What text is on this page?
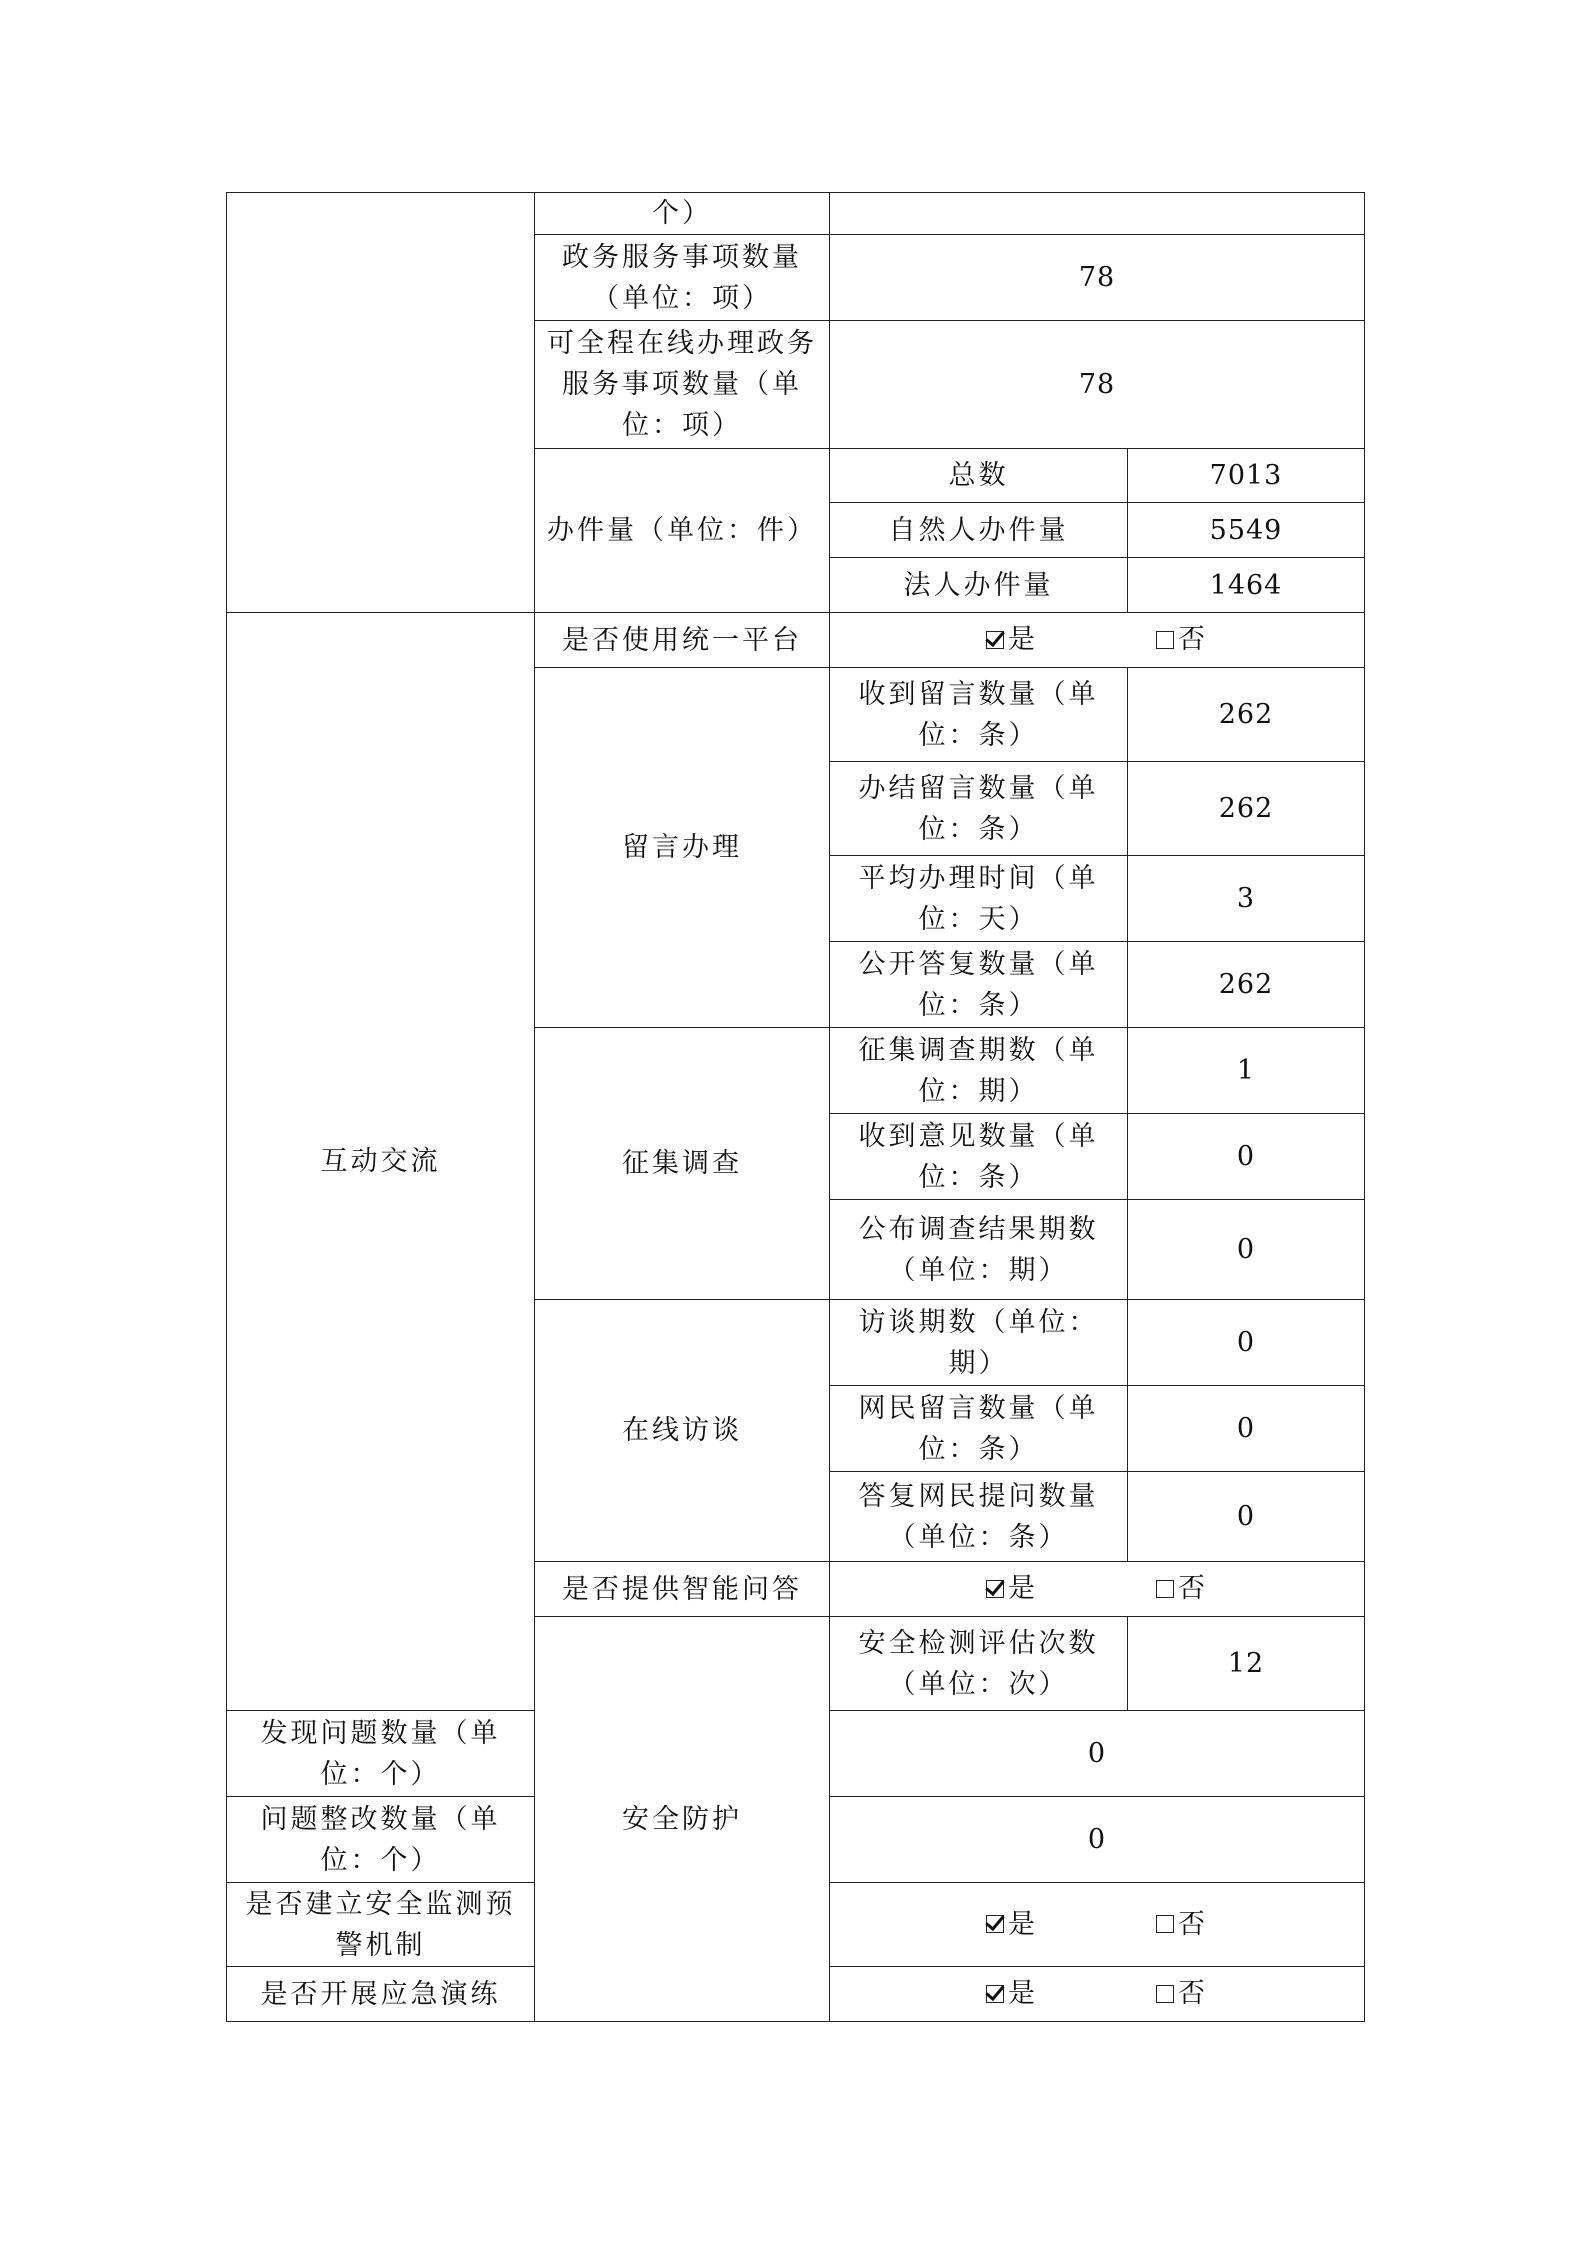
	个）		
	政务服务事项数量（单位：项）	78	
	可全程在线办理政务服务事项数量（单位：项）	78	
	办件量（单位：件）	总数	7013
		自然人办件量	5549
		法人办件量	1464
互动交流	是否使用统一平台	是 否	

	留言办理	收到留言数量（单位：条）	262
		办结留言数量（单位：条）	262
		平均办理时间（单位：天）	3
		公开答复数量（单位：条）	262
	征集调查	征集调查期数（单位：期）	1
		收到意见数量（单位：条）	0
		公布调查结果期数（单位：期）	0
	在线访谈	访谈期数（单位：期）	0
		网民留言数量（单位：条）	0
		答复网民提问数量（单位：条）	0
	是否提供智能问答	是 否	

	安全防护	安全检测评估次数（单位：次）	12
发现问题数量（单位：个）		0	
问题整改数量（单位：个）		0	
是否建立安全监测预警机制		是 否	

是否开展应急演练		是 否	
